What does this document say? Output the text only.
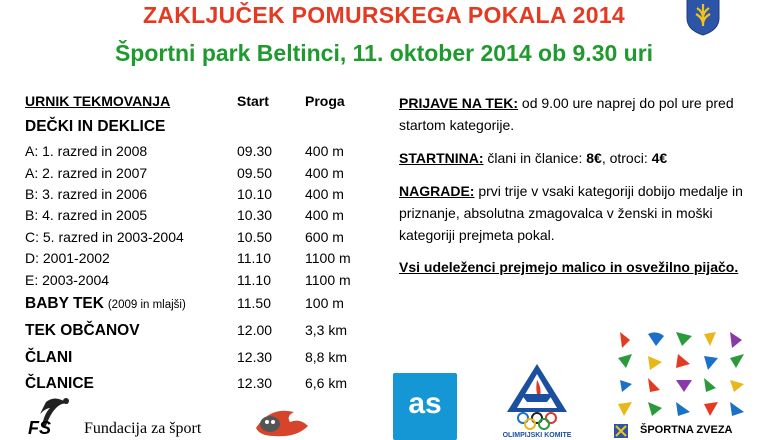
ZAKLJUČEK POMURSKEGA POKALA 2014
Športni park Beltinci, 11. oktober 2014 ob 9.30 uri
URNIK TEKMOVANJA	Start	Proga
DEČKI IN DEKLICE
A: 1. razred in 2008	09.30 400 m
A: 2. razred in 2007	09.50 400 m
B: 3. razred in 2006	10.10 400 m
B: 4. razred in 2005	10.30 400 m
C: 5. razred in 2003-2004	10.50 600 m
D: 2001-2002	11.10 1100 m
E: 2003-2004	11.10 1100 m
BABY TEK (2009 in mlajši)	11.50 100 m
TEK OBČANOV	12.00 3,3 km
ČLANI	12.30 8,8 km
ČLANICE	12.30 6,6 km
PRIJAVE NA TEK: od 9.00 ure naprej do pol ure pred startom kategorije.
STARTNINA: člani in članice: 8€, otroci: 4€
NAGRADE: prvi trije v vsaki kategoriji dobijo medalje in priznanje, absolutna zmagovalca v ženski in moški kategoriji prejmeta pokal.
Vsi udeleženci prejmejo malico in osvežilno pijačo.
FS Fundacija za šport
as
OLIMPIJSKI KOMITE	ŠPORTNA ZVEZA
